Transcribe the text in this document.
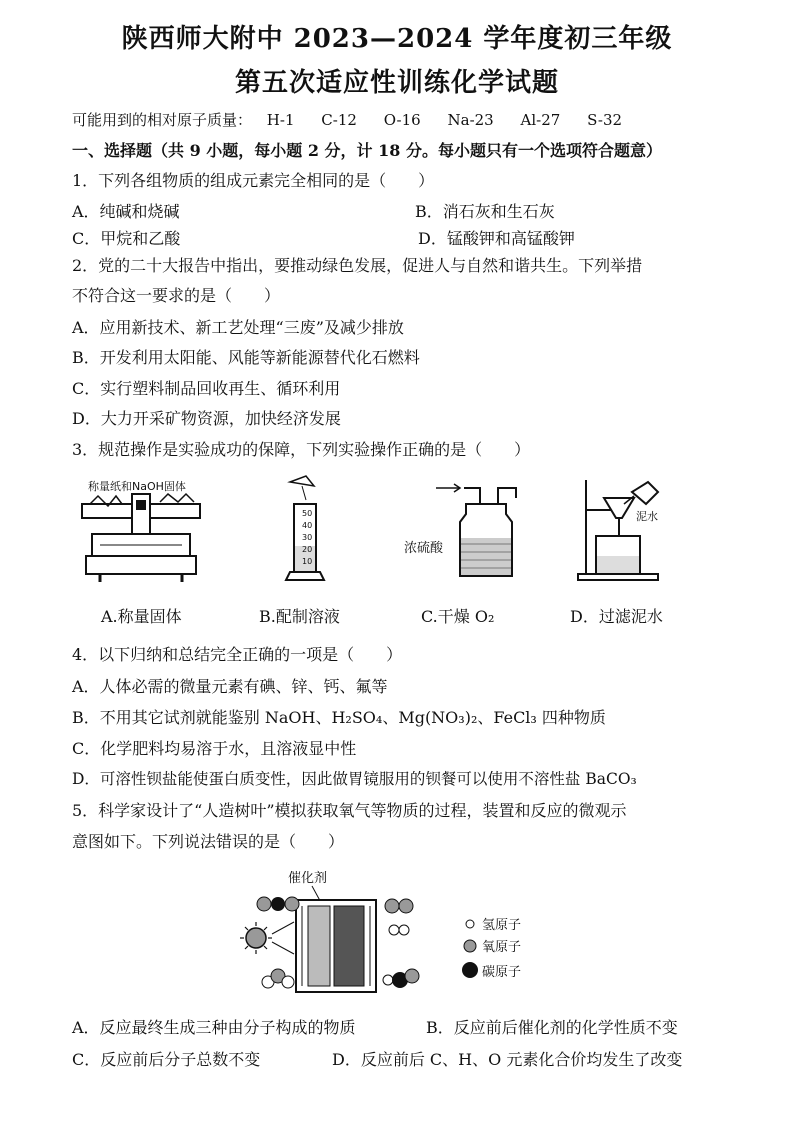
陕西师大附中 2023—2024 学年度初三年级
第五次适应性训练化学试题
可能用到的相对原子质量： H-1 C-12 O-16 Na-23 Al-27 S-32
一、选择题（共 9 小题，每小题 2 分，计 18 分。每小题只有一个选项符合题意）
1．下列各组物质的组成元素完全相同的是（　　）
A．纯碱和烧碱	B．消石灰和生石灰
C．甲烷和乙酸	D．锰酸钾和高锰酸钾
2．党的二十大报告中指出，要推动绿色发展，促进人与自然和谐共生。下列举措
不符合这一要求的是（　　）
A．应用新技术、新工艺处理“三废”及减少排放
B．开发利用太阳能、风能等新能源替代化石燃料
C．实行塑料制品回收再生、循环利用
D．大力开采矿物资源，加快经济发展
3．规范操作是实验成功的保障，下列实验操作正确的是（　　）
称量纸和NaOH固体
50
40
30
20
10
浓硫酸
泥水
A.称量固体	B.配制溶液	C.干燥 O₂	D．过滤泥水
4．以下归纳和总结完全正确的一项是（　　）
A．人体必需的微量元素有碘、锌、钙、氟等
B．不用其它试剂就能鉴别 NaOH、H₂SO₄、Mg(NO₃)₂、FeCl₃ 四种物质
C．化学肥料均易溶于水，且溶液显中性
D．可溶性钡盐能使蛋白质变性，因此做胃镜服用的钡餐可以使用不溶性盐 BaCO₃
5．科学家设计了“人造树叶”模拟获取氧气等物质的过程，装置和反应的微观示
意图如下。下列说法错误的是（　　）
催化剂
氢原子
氧原子
碳原子
A．反应最终生成三种由分子构成的物质	B．反应前后催化剂的化学性质不变
C．反应前后分子总数不变	D．反应前后 C、H、O 元素化合价均发生了改变
